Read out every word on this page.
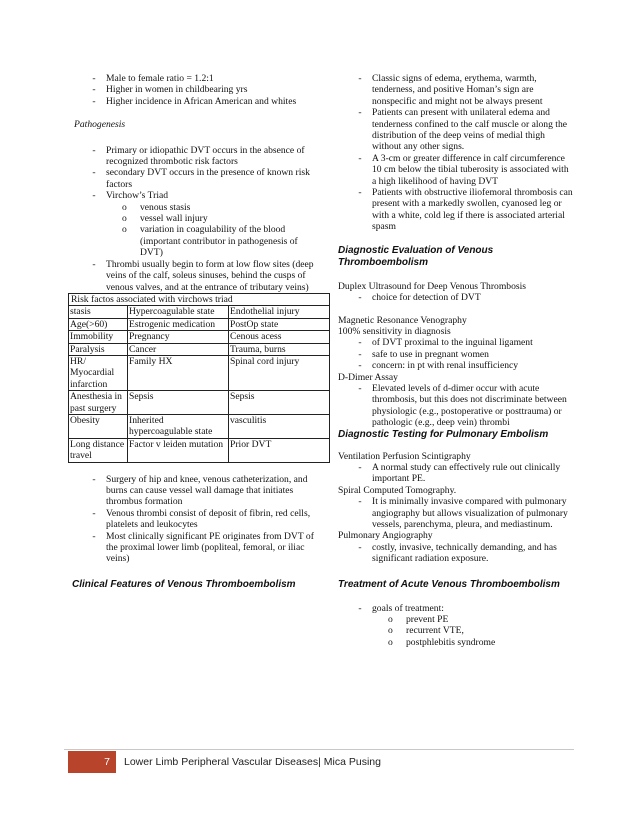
-	Male to female ratio = 1.2:1
-	Higher in women in childbearing yrs
-	Higher incidence in African American and whites
Pathogenesis
-	Primary or idiopathic DVT occurs in the absence of recognized thrombotic risk factors
-	secondary DVT occurs in the presence of known risk factors
-	Virchow’s Triad
o	venous stasis
o	vessel wall injury
o	variation in coagulability of the blood (important contributor in pathogenesis of DVT)
-	Thrombi usually begin to form at low flow sites (deep veins of the calf, soleus sinuses, behind the cusps of venous valves, and at the entrance of tributary veins)
Risk factos associated with virchows triad		
stasis	Hypercoagulable state	Endothelial injury
Age(>60)	Estrogenic medication	PostOp state
Immobility	Pregnancy	Cenous acess
Paralysis	Cancer	Trauma, burns
HR/ Myocardial infarction	Family HX	Spinal cord injury
Anesthesia in past surgery	Sepsis	Sepsis
Obesity	Inherited hypercoagulable state	vasculitis
Long distance travel	Factor v leiden mutation	Prior DVT
-	Surgery of hip and knee, venous catheterization, and burns can cause vessel wall damage that initiates thrombus formation
-	Venous thrombi consist of deposit of fibrin, red cells, platelets and leukocytes
-	Most clinically significant PE originates from DVT of the proximal lower limb (popliteal, femoral, or iliac veins)
Clinical Features of Venous Thromboembolism
-	Classic signs of edema, erythema, warmth, tenderness, and positive Homan’s sign are nonspecific and might not be always present
-	Patients can present with unilateral edema and tenderness confined to the calf muscle or along the distribution of the deep veins of medial thigh without any other signs.
-	A 3-cm or greater difference in calf circumference 10 cm below the tibial tuberosity is associated with a high likelihood of having DVT
-	Patients with obstructive iliofemoral thrombosis can present with a markedly swollen, cyanosed leg or with a white, cold leg if there is associated arterial spasm
Diagnostic Evaluation of Venous Thromboembolism
Duplex Ultrasound for Deep Venous Thrombosis
-	choice for detection of DVT
Magnetic Resonance Venography
100% sensitivity in diagnosis
-	of DVT proximal to the inguinal ligament
-	safe to use in pregnant women
-	concern: in pt with renal insufficiency
D-Dimer Assay
-	Elevated levels of d-dimer occur with acute thrombosis, but this does not discriminate between physiologic (e.g., postoperative or posttrauma) or pathologic (e.g., deep vein) thrombi
Diagnostic Testing for Pulmonary Embolism
Ventilation Perfusion Scintigraphy
-	A normal study can effectively rule out clinically important PE.
Spiral Computed Tomography.
-	It is minimally invasive compared with pulmonary angiography but allows visualization of pulmonary vessels, parenchyma, pleura, and mediastinum.
Pulmonary Angiography
-	costly, invasive, technically demanding, and has significant radiation exposure.
Treatment of Acute Venous Thromboembolism
-	goals of treatment:
o	prevent PE
o	recurrent VTE,
o	postphlebitis syndrome
7	Lower Limb Peripheral Vascular Diseases| Mica Pusing
